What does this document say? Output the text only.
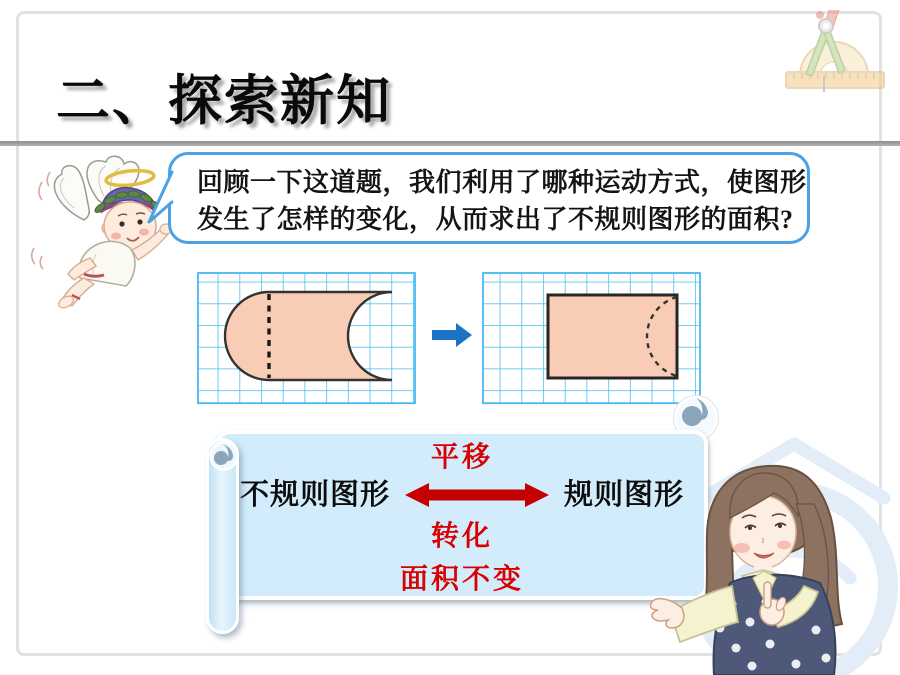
二、探索新知

回顾一下这道题，我们利用了哪种运动方式，使图形

发生了怎样的变化，从而求出了不规则图形的面积?

平移
不规则图形	规则图形
转化
面积不变
